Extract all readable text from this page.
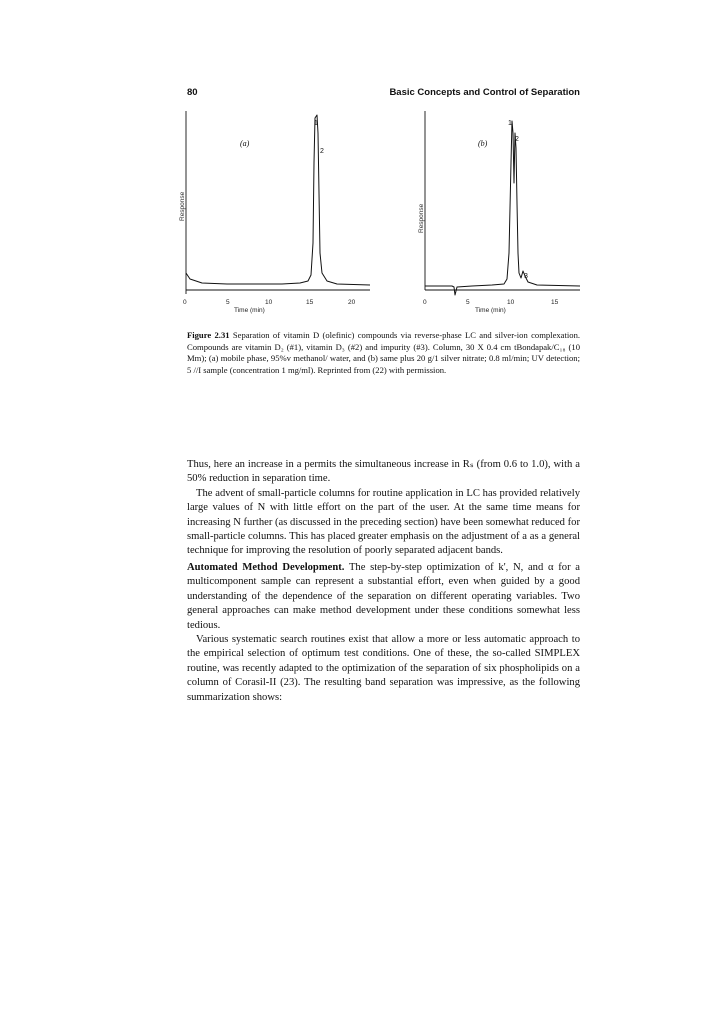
80	Basic Concepts and Control of Separation
0	5	10	15	20
Time (min)
Response
(a)
1
2
0	5	10	15
Time (min)
Response
(b)
1
2
3
Figure 2.31 Separation of vitamin D (olefinic) compounds via reverse-phase LC and silver-ion complexation. Compounds are vitamin D₂ (#1), vitamin D₃ (#2) and impurity (#3). Column, 30 X 0.4 cm tBondapak/C₁₈ (10 Mm); (a) mobile phase, 95%v methanol/ water, and (b) same plus 20 g/1 silver nitrate; 0.8 ml/min; UV detection; 5 //I sample (concentration 1 mg/ml). Reprinted from (22) with permission.

Thus, here an increase in a permits the simultaneous increase in Rₛ (from 0.6 to 1.0), with a 50% reduction in separation time.

The advent of small-particle columns for routine application in LC has provided relatively large values of N with little effort on the part of the user. At the same time means for increasing N further (as discussed in the preceding section) have been somewhat reduced for small-particle columns. This has placed greater emphasis on the adjustment of a as a general technique for improving the resolution of poorly separated adjacent bands.

Automated Method Development. The step-by-step optimization of k', N, and α for a multicomponent sample can represent a substantial effort, even when guided by a good understanding of the dependence of the separation on different operating variables. Two general approaches can make method development under these conditions somewhat less tedious.

Various systematic search routines exist that allow a more or less automatic approach to the empirical selection of optimum test conditions. One of these, the so-called SIMPLEX routine, was recently adapted to the optimization of the separation of six phospholipids on a column of Corasil-II (23). The resulting band separation was impressive, as the following summarization shows:
